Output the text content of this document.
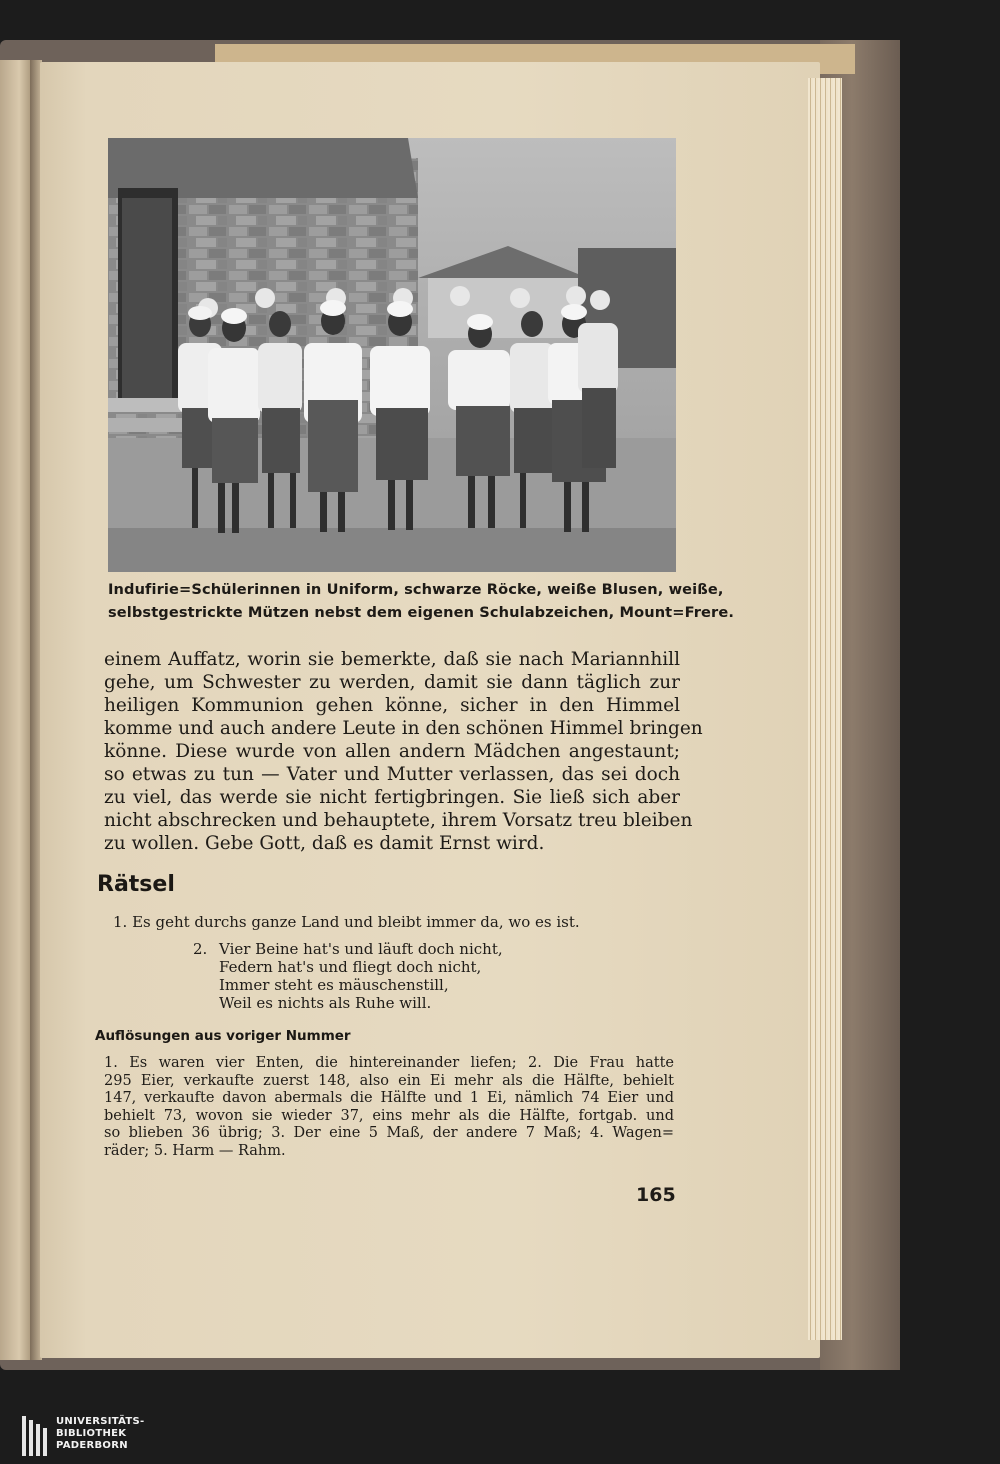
Indufirie=Schülerinnen in Uniform, schwarze Röcke, weiße Blusen, weiße,
selbstgestrickte Mützen nebst dem eigenen Schulabzeichen, Mount=Frere.
einem Auffatz, worin sie bemerkte, daß sie nach Mariannhill
gehe, um Schwester zu werden, damit sie dann täglich zur
heiligen Kommunion gehen könne, sicher in den Himmel
komme und auch andere Leute in den schönen Himmel bringen
könne. Diese wurde von allen andern Mädchen angestaunt;
so etwas zu tun — Vater und Mutter verlassen, das sei doch
zu viel, das werde sie nicht fertigbringen. Sie ließ sich aber
nicht abschrecken und behauptete, ihrem Vorsatz treu bleiben
zu wollen. Gebe Gott, daß es damit Ernst wird.
Rätsel
1. Es geht durchs ganze Land und bleibt immer da, wo es ist.
2. Vier Beine hat's und läuft doch nicht,
Federn hat's und fliegt doch nicht,
Immer steht es mäuschenstill,
Weil es nichts als Ruhe will.
Auflösungen aus voriger Nummer
1. Es waren vier Enten, die hintereinander liefen; 2. Die Frau hatte
295 Eier, verkaufte zuerst 148, also ein Ei mehr als die Hälfte, behielt
147, verkaufte davon abermals die Hälfte und 1 Ei, nämlich 74 Eier und
behielt 73, wovon sie wieder 37, eins mehr als die Hälfte, fortgab. und
so blieben 36 übrig; 3. Der eine 5 Maß, der andere 7 Maß; 4. Wagen=
räder; 5. Harm — Rahm.
165
UNIVERSITÄTS-
BIBLIOTHEK
PADERBORN
